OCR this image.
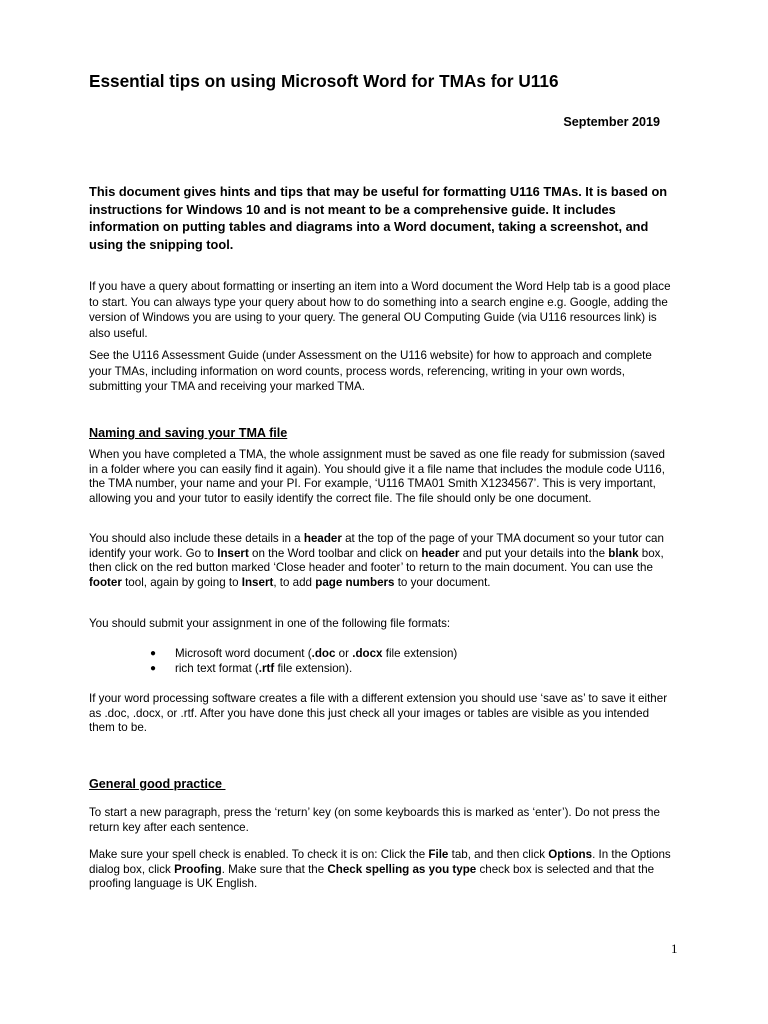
Essential tips on using Microsoft Word for TMAs for U116

September 2019

This document gives hints and tips that may be useful for formatting U116 TMAs. It is based on instructions for Windows 10 and is not meant to be a comprehensive guide. It includes information on putting tables and diagrams into a Word document, taking a screenshot, and using the snipping tool.

If you have a query about formatting or inserting an item into a Word document the Word Help tab is a good place to start. You can always type your query about how to do something into a search engine e.g. Google, adding the version of Windows you are using to your query. The general OU Computing Guide (via U116 resources link) is also useful.

See the U116 Assessment Guide (under Assessment on the U116 website) for how to approach and complete your TMAs, including information on word counts, process words, referencing, writing in your own words, submitting your TMA and receiving your marked TMA.

Naming and saving your TMA file

When you have completed a TMA, the whole assignment must be saved as one file ready for submission (saved in a folder where you can easily find it again). You should give it a file name that includes the module code U116, the TMA number, your name and your PI. For example, ‘U116 TMA01 Smith X1234567’. This is very important, allowing you and your tutor to easily identify the correct file. The file should only be one document.

You should also include these details in a header at the top of the page of your TMA document so your tutor can identify your work. Go to Insert on the Word toolbar and click on header and put your details into the blank box, then click on the red button marked ‘Close header and footer’ to return to the main document. You can use the footer tool, again by going to Insert, to add page numbers to your document.

You should submit your assignment in one of the following file formats:

● Microsoft word document (.doc or .docx file extension)
● rich text format (.rtf file extension).

If your word processing software creates a file with a different extension you should use ‘save as’ to save it either as .doc, .docx, or .rtf. After you have done this just check all your images or tables are visible as you intended them to be.

General good practice

To start a new paragraph, press the ‘return’ key (on some keyboards this is marked as ‘enter’). Do not press the return key after each sentence.

Make sure your spell check is enabled. To check it is on: Click the File tab, and then click Options. In the Options dialog box, click Proofing. Make sure that the Check spelling as you type check box is selected and that the proofing language is UK English.

1
